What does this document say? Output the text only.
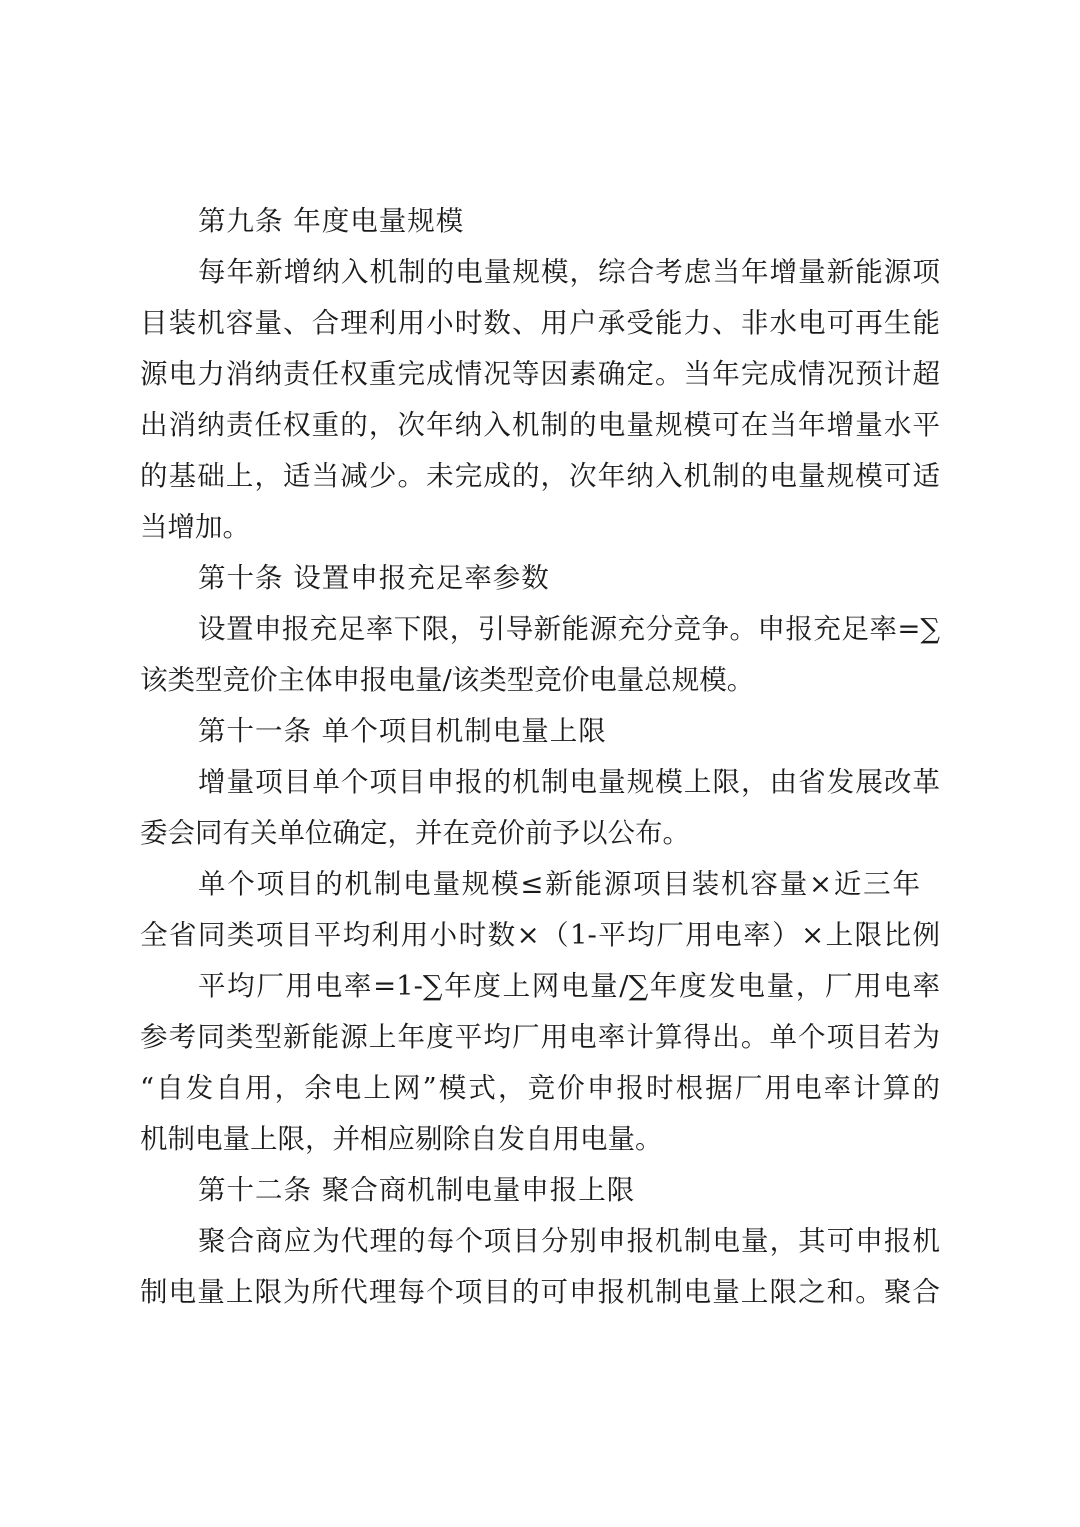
第九条 年度电量规模
每年新增纳入机制的电量规模，综合考虑当年增量新能源项
目装机容量、合理利用小时数、用户承受能力、非水电可再生能
源电力消纳责任权重完成情况等因素确定。当年完成情况预计超
出消纳责任权重的，次年纳入机制的电量规模可在当年增量水平
的基础上，适当减少。未完成的，次年纳入机制的电量规模可适
当增加。
第十条 设置申报充足率参数
设置申报充足率下限，引导新能源充分竞争。申报充足率=∑
该类型竞价主体申报电量/该类型竞价电量总规模。
第十一条 单个项目机制电量上限
增量项目单个项目申报的机制电量规模上限，由省发展改革
委会同有关单位确定，并在竞价前予以公布。
单个项目的机制电量规模≤新能源项目装机容量×近三年
全省同类项目平均利用小时数×（1-平均厂用电率）×上限比例
平均厂用电率=1-∑年度上网电量/∑年度发电量，厂用电率
参考同类型新能源上年度平均厂用电率计算得出。单个项目若为
“自发自用，余电上网”模式，竞价申报时根据厂用电率计算的
机制电量上限，并相应剔除自发自用电量。
第十二条 聚合商机制电量申报上限
聚合商应为代理的每个项目分别申报机制电量，其可申报机
制电量上限为所代理每个项目的可申报机制电量上限之和。聚合
